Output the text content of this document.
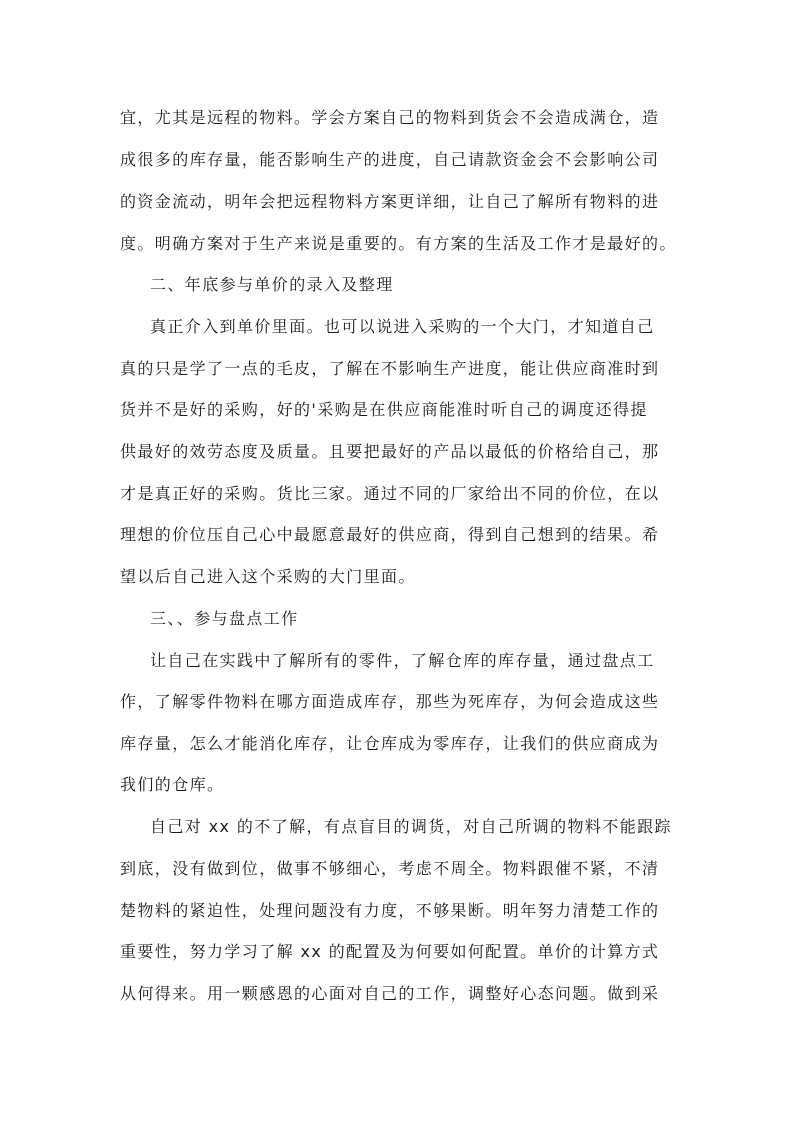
宜，尤其是远程的物料。学会方案自己的物料到货会不会造成满仓，造
成很多的库存量，能否影响生产的进度，自己请款资金会不会影响公司
的资金流动，明年会把远程物料方案更详细，让自己了解所有物料的进
度。明确方案对于生产来说是重要的。有方案的生活及工作才是最好的。
二、年底参与单价的录入及整理
真正介入到单价里面。也可以说进入采购的一个大门，才知道自己
真的只是学了一点的毛皮，了解在不影响生产进度，能让供应商准时到
货并不是好的采购，好的'采购是在供应商能准时听自己的调度还得提
供最好的效劳态度及质量。且要把最好的产品以最低的价格给自己，那
才是真正好的采购。货比三家。通过不同的厂家给出不同的价位，在以
理想的价位压自己心中最愿意最好的供应商，得到自己想到的结果。希
望以后自己进入这个采购的大门里面。
三、、参与盘点工作
让自己在实践中了解所有的零件，了解仓库的库存量，通过盘点工
作，了解零件物料在哪方面造成库存，那些为死库存，为何会造成这些
库存量，怎么才能消化库存，让仓库成为零库存，让我们的供应商成为
我们的仓库。
自己对 xx 的不了解，有点盲目的调货，对自己所调的物料不能跟踪
到底，没有做到位，做事不够细心，考虑不周全。物料跟催不紧，不清
楚物料的紧迫性，处理问题没有力度，不够果断。明年努力清楚工作的
重要性，努力学习了解 xx 的配置及为何要如何配置。单价的计算方式
从何得来。用一颗感恩的心面对自己的工作，调整好心态问题。做到采
